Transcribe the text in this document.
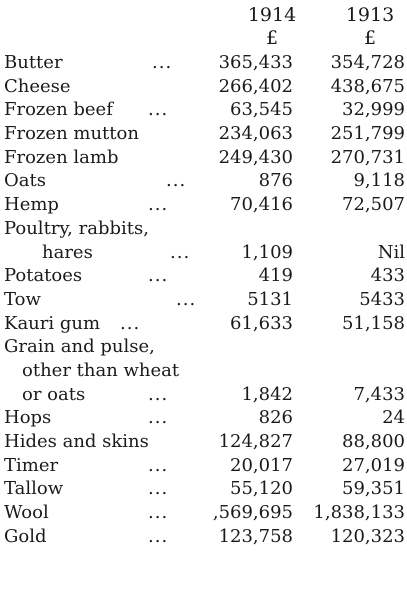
1914	1913
£	£
Butter	...	365,433 354,728
Cheese	266,402 438,675
Frozen beef ...	63,545	32,999
Frozen mutton	234,063 251,799
Frozen lamb	249,430 270,731
Oats	...	876	9,118
Hemp	...	70,416	72,507
Poultry, rabbits,
hares	...	1,109	Nil
Potatoes	...	419	433
Tow	...	5131	5433
Kauri gum ...	61,633	51,158
Grain and pulse,
other than wheat
or oats	...	1,842	7,433
Hops	...	826	24
Hides and skins	124,827	88,800
Timer	...	20,017	27,019
Tallow	...	55,120	59,351
Wool	... ,569,695 1,838,133
Gold	...	123,758 120,323
